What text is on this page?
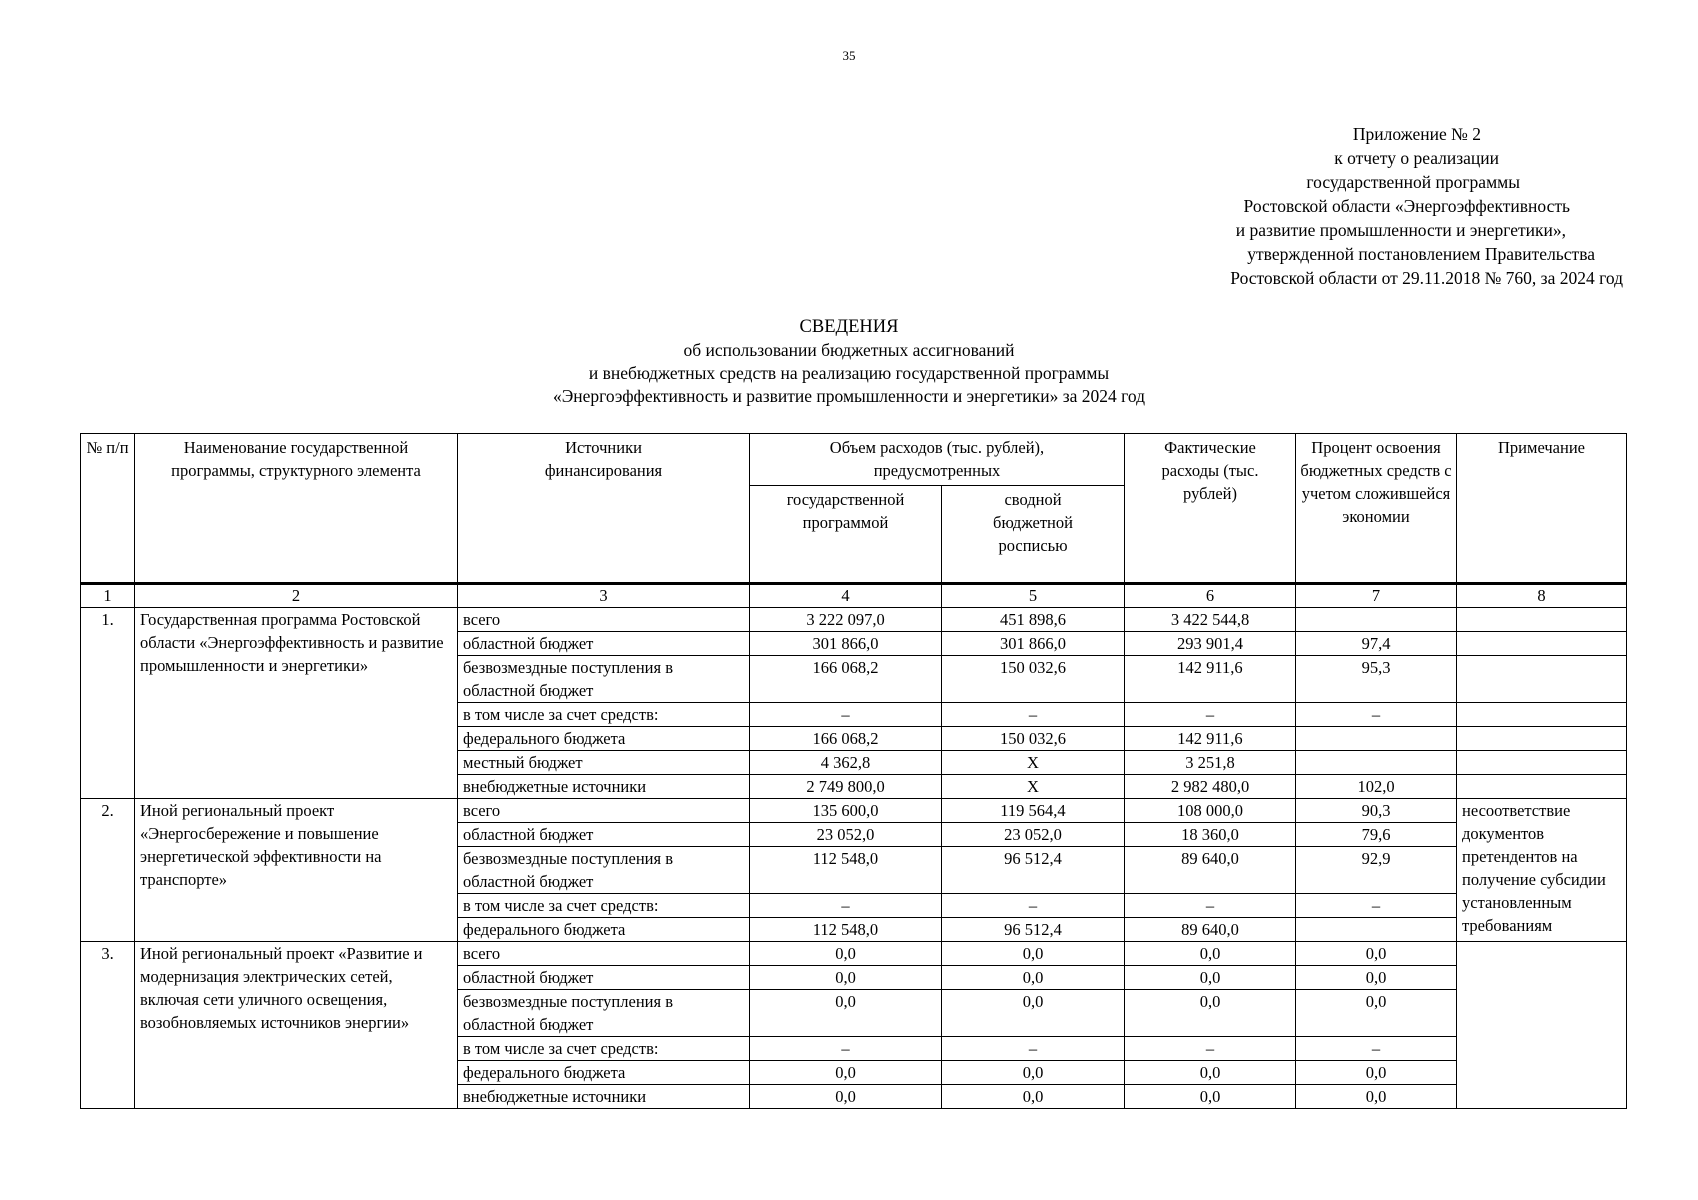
35
Приложение № 2
к отчету о реализации
государственной программы
Ростовской области «Энергоэффективность
и развитие промышленности и энергетики»,
утвержденной постановлением Правительства
Ростовской области от 29.11.2018 № 760, за 2024 год
СВЕДЕНИЯ
об использовании бюджетных ассигнований
и внебюджетных средств на реализацию государственной программы
«Энергоэффективность и развитие промышленности и энергетики» за 2024 год
№ п/п	Наименование государственной программы, структурного элемента	Источники финансирования	Объем расходов (тыс. рублей), предусмотренных		Фактические расходы (тыс. рублей)	Процент освоения бюджетных средств с учетом сложившейся экономии	Примечание
			государственной программой	сводной бюджетной росписью			
1	2	3	4	5	6	7	8
1.	Государственная программа Ростовской области «Энергоэффективность и развитие промышленности и энергетики»	всего	3 222 097,0	451 898,6	3 422 544,8		
		областной бюджет	301 866,0	301 866,0	293 901,4	97,4	
		безвозмездные поступления в областной бюджет	166 068,2	150 032,6	142 911,6	95,3	
		в том числе за счет средств:	–	–	–	–	
		федерального бюджета	166 068,2	150 032,6	142 911,6		
		местный бюджет	4 362,8	X	3 251,8		
		внебюджетные источники	2 749 800,0	X	2 982 480,0	102,0	
2.	Иной региональный проект «Энергосбережение и повышение энергетической эффективности на транспорте»	всего	135 600,0	119 564,4	108 000,0	90,3	несоответствие документов претендентов на получение субсидии установленным требованиям
		областной бюджет	23 052,0	23 052,0	18 360,0	79,6	
		безвозмездные поступления в областной бюджет	112 548,0	96 512,4	89 640,0	92,9	
		в том числе за счет средств:	–	–	–	–	
		федерального бюджета	112 548,0	96 512,4	89 640,0		
3.	Иной региональный проект «Развитие и модернизация электрических сетей, включая сети уличного освещения, возобновляемых источников энергии»	всего	0,0	0,0	0,0	0,0	
		областной бюджет	0,0	0,0	0,0	0,0	
		безвозмездные поступления в областной бюджет	0,0	0,0	0,0	0,0	
		в том числе за счет средств:	–	–	–	–	
		федерального бюджета	0,0	0,0	0,0	0,0	
		внебюджетные источники	0,0	0,0	0,0	0,0	
